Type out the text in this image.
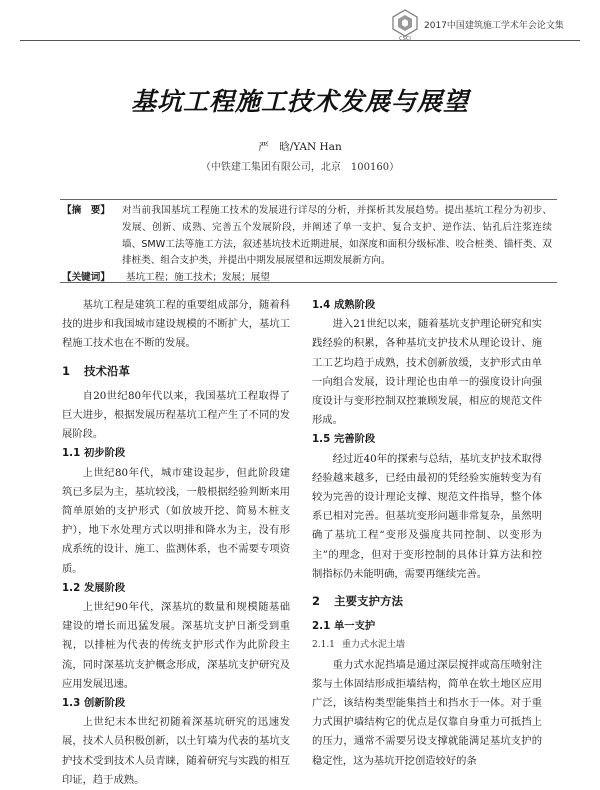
CSCI
2017中国建筑施工学术年会论文集
基坑工程施工技术发展与展望
严　晗/YAN Han
（中铁建工集团有限公司，北京　100160）
【摘　要】	对当前我国基坑工程施工技术的发展进行详尽的分析，并探析其发展趋势。提出基坑工程分为初步、发展、创新、成熟、完善五个发展阶段，并阐述了单一支护、复合支护、逆作法、钻孔后注浆连续墙、SMW工法等施工方法，叙述基坑技术近期进展，如深度和面积分级标准、咬合桩类、锚杆类、双排桩类、组合支护类，并提出中期发展展望和远期发展新方向。
【关键词】	基坑工程；施工技术；发展；展望

基坑工程是建筑工程的重要组成部分，随着科技的进步和我国城市建设规模的不断扩大，基坑工程施工技术也在不断的发展。

1 技术沿革

自20世纪80年代以来，我国基坑工程取得了巨大进步，根据发展历程基坑工程产生了不同的发展阶段。

1.1 初步阶段

上世纪80年代，城市建设起步，但此阶段建筑已多层为主，基坑较浅，一般根据经验判断来用简单原始的支护形式（如放坡开挖、简易木桩支护），地下水处理方式以明排和降水为主，没有形成系统的设计、施工、监测体系，也不需要专项资质。

1.2 发展阶段

上世纪90年代，深基坑的数量和规模随基础建设的增长而迅猛发展。深基坑支护日渐受到重视，以排桩为代表的传统支护形式作为此阶段主流，同时深基坑支护概念形成，深基坑支护研究及应用发展迅速。

1.3 创新阶段

上世纪末本世纪初随着深基坑研究的迅速发展，技术人员积极创新，以土钉墙为代表的基坑支护技术受到技术人员青睐，随着研究与实践的相互印证，趋于成熟。

1.4 成熟阶段

进入21世纪以来，随着基坑支护理论研究和实践经验的积累，各种基坑支护技术从理论设计、施工工艺均趋于成熟，技术创新放缓，支护形式由单一向组合发展，设计理论也由单一的强度设计向强度设计与变形控制双控兼顾发展，相应的规范文件形成。

1.5 完善阶段

经过近40年的探索与总结，基坑支护技术取得经验越来越多，已经由最初的凭经验实施转变为有较为完善的设计理论支撑、规范文件指导，整个体系已相对完善。但基坑变形问题非常复杂，虽然明确了基坑工程“变形及强度共同控制、以变形为主”的理念，但对于变形控制的具体计算方法和控制指标仍未能明确，需要再继续完善。

2 主要支护方法
2.1 单一支护
2.1.1 重力式水泥土墙

重力式水泥挡墙是通过深层搅拌或高压喷射注浆与土体固结形成拒墙结构，简单在软土地区应用广泛，该结构类型能集挡土和挡水于一体。对于重力式围护墙结构它的优点是仅靠自身重力可抵挡上的压力，通常不需要另设支撑就能满足基坑支护的稳定性，这为基坑开挖创造较好的条
